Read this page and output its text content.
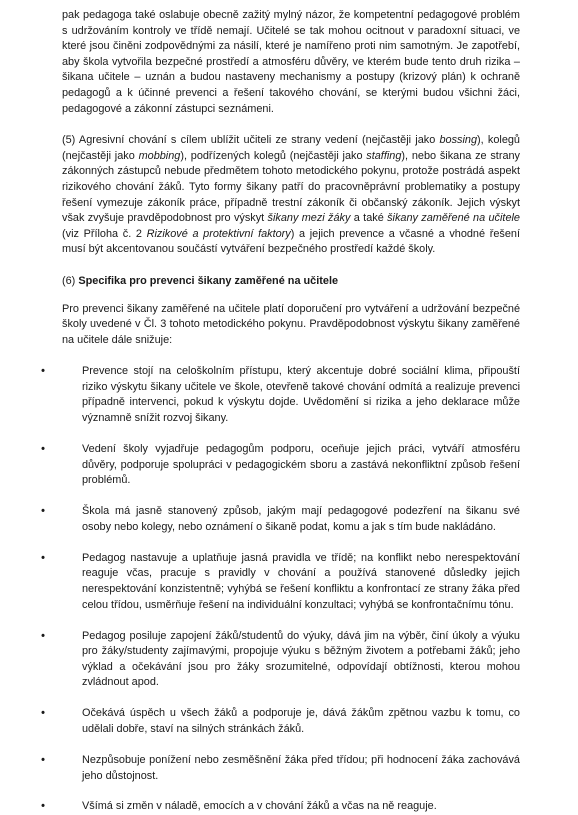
pak pedagoga také oslabuje obecně zažitý mylný názor, že kompetentní pedagogové problém s udržováním kontroly ve třídě nemají. Učitelé se tak mohou ocitnout v paradoxní situaci, ve které jsou činěni zodpovědnými za násilí, které je namířeno proti nim samotným. Je zapotřebí, aby škola vytvořila bezpečné prostředí a atmosféru důvěry, ve kterém bude tento druh rizika – šikana učitele – uznán a budou nastaveny mechanismy a postupy (krizový plán) k ochraně pedagogů a k účinné prevenci a řešení takového chování, se kterými budou všichni žáci, pedagogové a zákonní zástupci seznámeni.

(5) Agresivní chování s cílem ublížit učiteli ze strany vedení (nejčastěji jako bossing), kolegů (nejčastěji jako mobbing), podřízených kolegů (nejčastěji jako staffing), nebo šikana ze strany zákonných zástupců nebude předmětem tohoto metodického pokynu, protože postrádá aspekt rizikového chování žáků. Tyto formy šikany patří do pracovněprávní problematiky a postupy řešení vymezuje zákoník práce, případně trestní zákoník či občanský zákoník. Jejich výskyt však zvyšuje pravděpodobnost pro výskyt šikany mezi žáky a také šikany zaměřené na učitele (viz Příloha č. 2 Rizikové a protektivní faktory) a jejich prevence a včasné a vhodné řešení musí být akcentovanou součástí vytváření bezpečného prostředí každé školy.

(6) Specifika pro prevenci šikany zaměřené na učitele

Pro prevenci šikany zaměřené na učitele platí doporučení pro vytváření a udržování bezpečné školy uvedené v Čl. 3 tohoto metodického pokynu. Pravděpodobnost výskytu šikany zaměřené na učitele dále snižuje:

•	Prevence stojí na celoškolním přístupu, který akcentuje dobré sociální klima, připouští riziko výskytu šikany učitele ve škole, otevřeně takové chování odmítá a realizuje prevenci případně intervenci, pokud k výskytu dojde. Uvědomění si rizika a jeho deklarace může významně snížit rozvoj šikany.
•	Vedení školy vyjadřuje pedagogům podporu, oceňuje jejich práci, vytváří atmosféru důvěry, podporuje spolupráci v pedagogickém sboru a zastává nekonfliktní způsob řešení problémů.
•	Škola má jasně stanovený způsob, jakým mají pedagogové podezření na šikanu své osoby nebo kolegy, nebo oznámení o šikaně podat, komu a jak s tím bude nakládáno.
•	Pedagog nastavuje a uplatňuje jasná pravidla ve třídě; na konflikt nebo nerespektování reaguje včas, pracuje s pravidly v chování a používá stanovené důsledky jejich nerespektování konzistentně; vyhýbá se řešení konfliktu a konfrontací ze strany žáka před celou třídou, usměrňuje řešení na individuální konzultaci; vyhýbá se konfrontačnímu tónu.
•	Pedagog posiluje zapojení žáků/studentů do výuky, dává jim na výběr, činí úkoly a výuku pro žáky/studenty zajímavými, propojuje výuku s běžným životem a potřebami žáků; jeho výklad a očekávání jsou pro žáky srozumitelné, odpovídají obtížnosti, kterou mohou zvládnout apod.
•	Očekává úspěch u všech žáků a podporuje je, dává žákům zpětnou vazbu k tomu, co udělali dobře, staví na silných stránkách žáků.
•	Nezpůsobuje ponížení nebo zesměšnění žáka před třídou; při hodnocení žáka zachovává jeho důstojnost.
•	Všímá si změn v náladě, emocích a v chování žáků a včas na ně reaguje.
